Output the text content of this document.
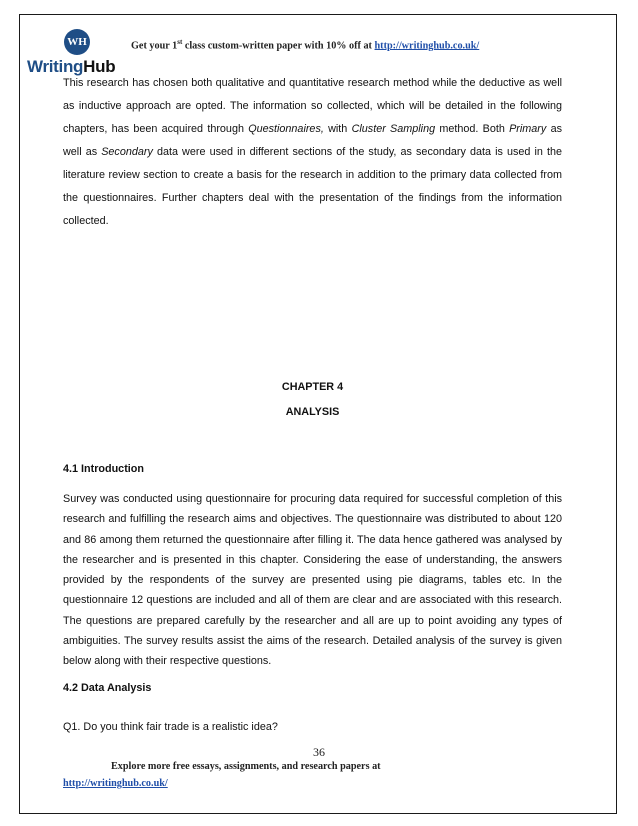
WH
WritingHub
Get your 1st class custom-written paper with 10% off at http://writinghub.co.uk/

This research has chosen both qualitative and quantitative research method while the deductive as well as inductive approach are opted. The information so collected, which will be detailed in the following chapters, has been acquired through Questionnaires, with Cluster Sampling method. Both Primary as well as Secondary data were used in different sections of the study, as secondary data is used in the literature review section to create a basis for the research in addition to the primary data collected from the questionnaires. Further chapters deal with the presentation of the findings from the information collected.

CHAPTER 4
ANALYSIS
4.1 Introduction

Survey was conducted using questionnaire for procuring data required for successful completion of this research and fulfilling the research aims and objectives. The questionnaire was distributed to about 120 and 86 among them returned the questionnaire after filling it. The data hence gathered was analysed by the researcher and is presented in this chapter. Considering the ease of understanding, the answers provided by the respondents of the survey are presented using pie diagrams, tables etc. In the questionnaire 12 questions are included and all of them are clear and are associated with this research. The questions are prepared carefully by the researcher and all are up to point avoiding any types of ambiguities. The survey results assist the aims of the research. Detailed analysis of the survey is given below along with their respective questions.

4.2 Data Analysis
Q1. Do you think fair trade is a realistic idea?
36
Explore more free essays, assignments, and research papers at
http://writinghub.co.uk/
